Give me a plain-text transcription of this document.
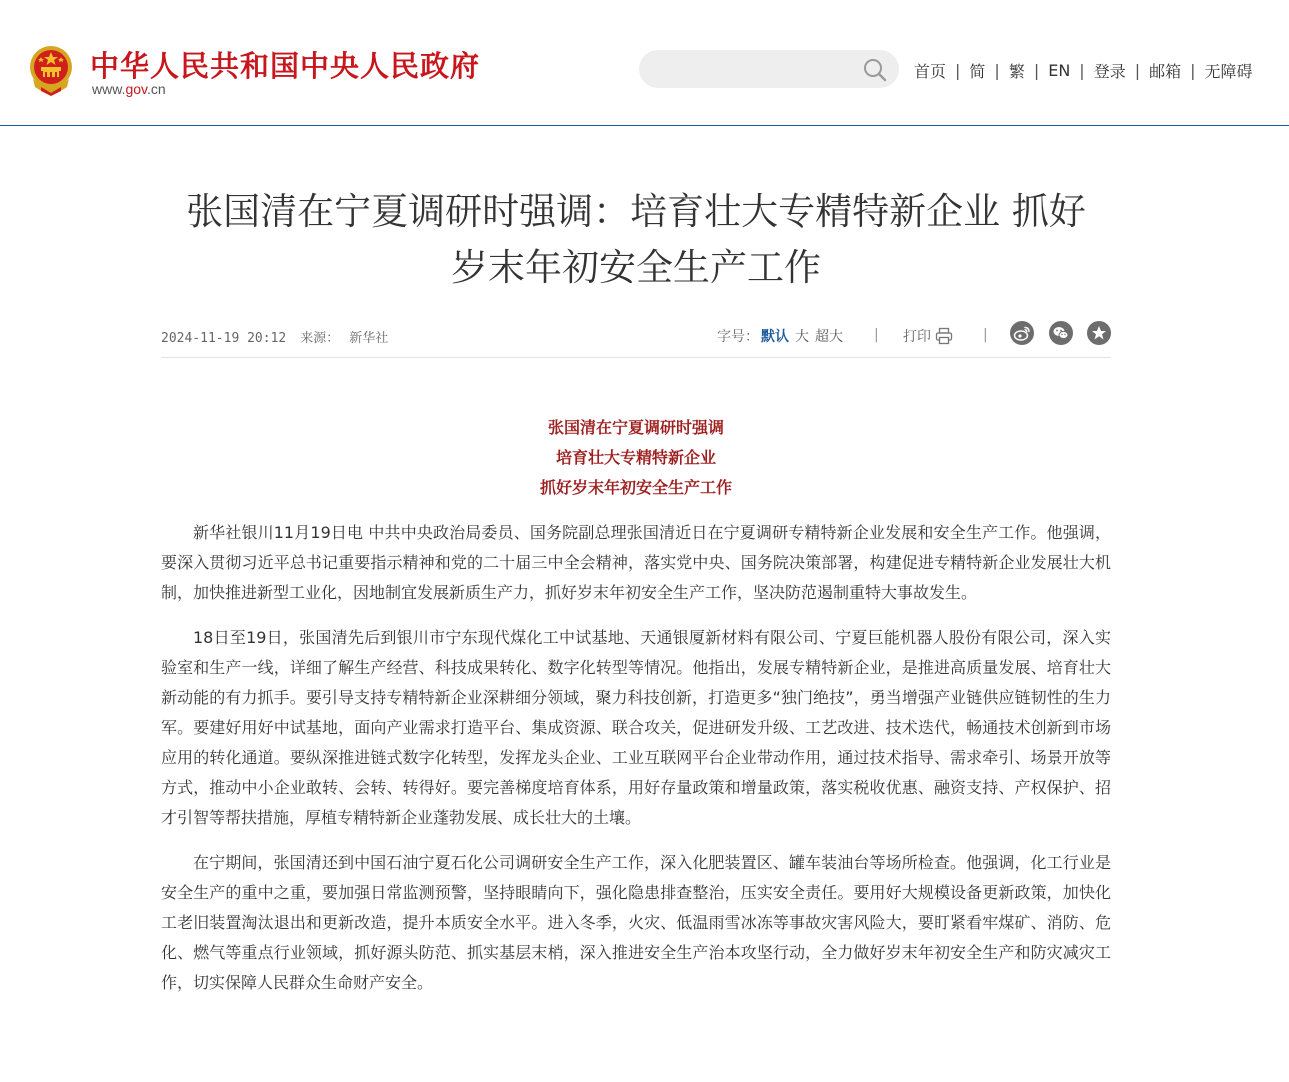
中华人民共和国中央人民政府
www.gov.cn
首页 | 简 | 繁 | EN | 登录 | 邮箱 | 无障碍
张国清在宁夏调研时强调：培育壮大专精特新企业 抓好
岁末年初安全生产工作
2024-11-19 20:12 来源： 新华社	字号： 默认 大 超大 | 打印	|
张国清在宁夏调研时强调
培育壮大专精特新企业
抓好岁末年初安全生产工作

新华社银川11月19日电 中共中央政治局委员、国务院副总理张国清近日在宁夏调研专精特新企业发展和安全生产工作。他强调，要深入贯彻习近平总书记重要指示精神和党的二十届三中全会精神，落实党中央、国务院决策部署，构建促进专精特新企业发展壮大机制，加快推进新型工业化，因地制宜发展新质生产力，抓好岁末年初安全生产工作，坚决防范遏制重特大事故发生。

18日至19日，张国清先后到银川市宁东现代煤化工中试基地、天通银厦新材料有限公司、宁夏巨能机器人股份有限公司，深入实验室和生产一线，详细了解生产经营、科技成果转化、数字化转型等情况。他指出，发展专精特新企业，是推进高质量发展、培育壮大新动能的有力抓手。要引导支持专精特新企业深耕细分领域，聚力科技创新，打造更多“独门绝技”，勇当增强产业链供应链韧性的生力军。要建好用好中试基地，面向产业需求打造平台、集成资源、联合攻关，促进研发升级、工艺改进、技术迭代，畅通技术创新到市场应用的转化通道。要纵深推进链式数字化转型，发挥龙头企业、工业互联网平台企业带动作用，通过技术指导、需求牵引、场景开放等方式，推动中小企业敢转、会转、转得好。要完善梯度培育体系，用好存量政策和增量政策，落实税收优惠、融资支持、产权保护、招才引智等帮扶措施，厚植专精特新企业蓬勃发展、成长壮大的土壤。

在宁期间，张国清还到中国石油宁夏石化公司调研安全生产工作，深入化肥装置区、罐车装油台等场所检查。他强调，化工行业是安全生产的重中之重，要加强日常监测预警，坚持眼睛向下，强化隐患排查整治，压实安全责任。要用好大规模设备更新政策，加快化工老旧装置淘汰退出和更新改造，提升本质安全水平。进入冬季，火灾、低温雨雪冰冻等事故灾害风险大，要盯紧看牢煤矿、消防、危化、燃气等重点行业领域，抓好源头防范、抓实基层末梢，深入推进安全生产治本攻坚行动，全力做好岁末年初安全生产和防灾减灾工作，切实保障人民群众生命财产安全。
